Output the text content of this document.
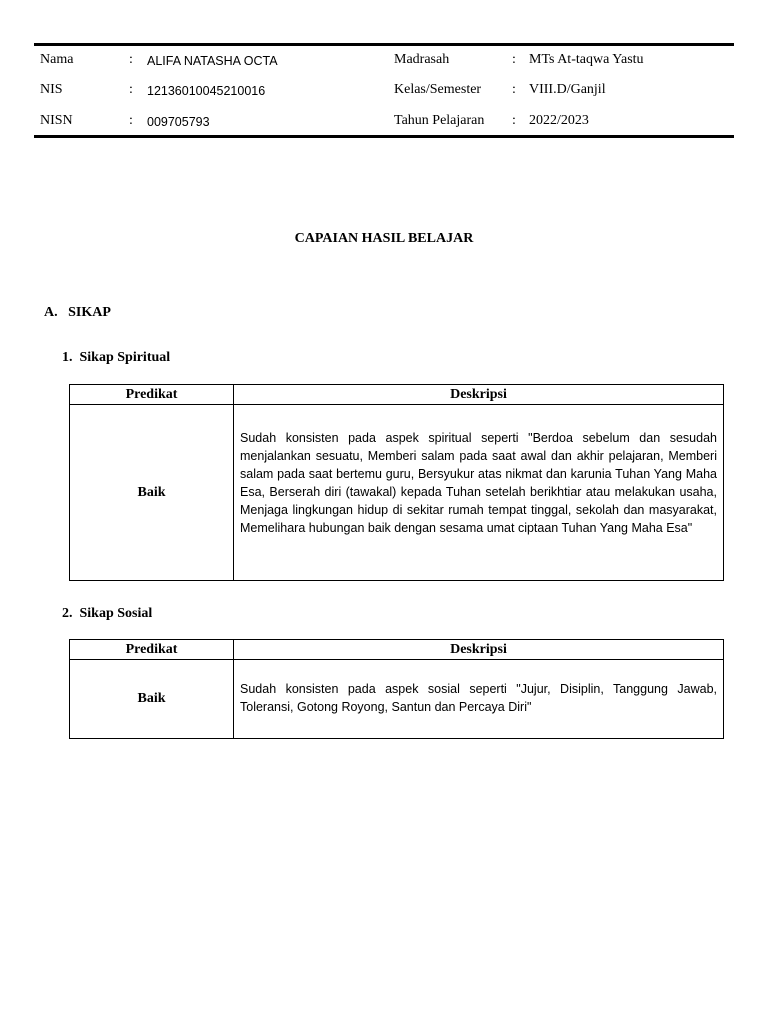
Nama	: ALIFA NATASHA OCTA	Madrasah	: MTs At-taqwa Yastu
NIS	: 12136010045210016	Kelas/Semester : VIII.D/Ganjil
NISN	: 009705793	Tahun Pelajaran : 2022/2023
CAPAIAN HASIL BELAJAR
A.   SIKAP
1.  Sikap Spiritual
Predikat	Deskripsi
Baik	Sudah konsisten pada aspek spiritual seperti "Berdoa sebelum dan sesudah menjalankan sesuatu, Memberi salam pada saat awal dan akhir pelajaran, Memberi salam pada saat bertemu guru, Bersyukur atas nikmat dan karunia Tuhan Yang Maha Esa, Berserah diri (tawakal) kepada Tuhan setelah berikhtiar atau melakukan usaha, Menjaga lingkungan hidup di sekitar rumah tempat tinggal, sekolah dan masyarakat, Memelihara hubungan baik dengan sesama umat ciptaan Tuhan Yang Maha Esa"
2.  Sikap Sosial
Predikat	Deskripsi
Baik	Sudah konsisten pada aspek sosial seperti "Jujur, Disiplin, Tanggung Jawab, Toleransi, Gotong Royong, Santun dan Percaya Diri"
